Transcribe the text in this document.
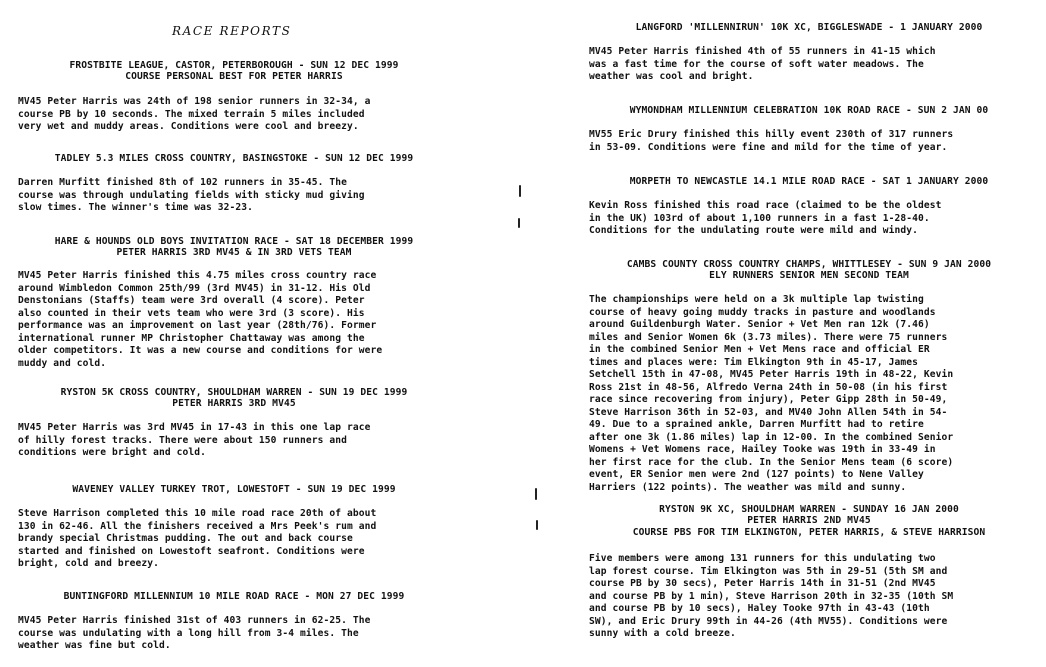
RACE REPORTS
FROSTBITE LEAGUE, CASTOR, PETERBOROUGH - SUN 12 DEC 1999
COURSE PERSONAL BEST FOR PETER HARRIS
MV45 Peter Harris was 24th of 198 senior runners in 32-34, a
course PB by 10 seconds. The mixed terrain 5 miles included
very wet and muddy areas. Conditions were cool and breezy.
TADLEY 5.3 MILES CROSS COUNTRY, BASINGSTOKE - SUN 12 DEC 1999
Darren Murfitt finished 8th of 102 runners in 35-45. The
course was through undulating fields with sticky mud giving
slow times. The winner's time was 32-23.
HARE & HOUNDS OLD BOYS INVITATION RACE - SAT 18 DECEMBER 1999
PETER HARRIS 3RD MV45 & IN 3RD VETS TEAM
MV45 Peter Harris finished this 4.75 miles cross country race
around Wimbledon Common 25th/99 (3rd MV45) in 31-12. His Old
Denstonians (Staffs) team were 3rd overall (4 score). Peter
also counted in their vets team who were 3rd (3 score). His
performance was an improvement on last year (28th/76). Former
international runner MP Christopher Chattaway was among the
older competitors. It was a new course and conditions for were
muddy and cold.
RYSTON 5K CROSS COUNTRY, SHOULDHAM WARREN - SUN 19 DEC 1999
PETER HARRIS 3RD MV45
MV45 Peter Harris was 3rd MV45 in 17-43 in this one lap race
of hilly forest tracks. There were about 150 runners and
conditions were bright and cold.
WAVENEY VALLEY TURKEY TROT, LOWESTOFT - SUN 19 DEC 1999
Steve Harrison completed this 10 mile road race 20th of about
130 in 62-46. All the finishers received a Mrs Peek's rum and
brandy special Christmas pudding. The out and back course
started and finished on Lowestoft seafront. Conditions were
bright, cold and breezy.
BUNTINGFORD MILLENNIUM 10 MILE ROAD RACE - MON 27 DEC 1999
MV45 Peter Harris finished 31st of 403 runners in 62-25. The
course was undulating with a long hill from 3-4 miles. The
weather was fine but cold.
LANGFORD 'MILLENNIRUN' 10K XC, BIGGLESWADE - 1 JANUARY 2000
MV45 Peter Harris finished 4th of 55 runners in 41-15 which
was a fast time for the course of soft water meadows. The
weather was cool and bright.
WYMONDHAM MILLENNIUM CELEBRATION 10K ROAD RACE - SUN 2 JAN 00
MV55 Eric Drury finished this hilly event 230th of 317 runners
in 53-09. Conditions were fine and mild for the time of year.
MORPETH TO NEWCASTLE 14.1 MILE ROAD RACE - SAT 1 JANUARY 2000
Kevin Ross finished this road race (claimed to be the oldest
in the UK) 103rd of about 1,100 runners in a fast 1-28-40.
Conditions for the undulating route were mild and windy.
CAMBS COUNTY CROSS COUNTRY CHAMPS, WHITTLESEY - SUN 9 JAN 2000
ELY RUNNERS SENIOR MEN SECOND TEAM
The championships were held on a 3k multiple lap twisting
course of heavy going muddy tracks in pasture and woodlands
around Guildenburgh Water. Senior + Vet Men ran 12k (7.46)
miles and Senior Women 6k (3.73 miles). There were 75 runners
in the combined Senior Men + Vet Mens race and official ER
times and places were: Tim Elkington 9th in 45-17, James
Setchell 15th in 47-08, MV45 Peter Harris 19th in 48-22, Kevin
Ross 21st in 48-56, Alfredo Verna 24th in 50-08 (in his first
race since recovering from injury), Peter Gipp 28th in 50-49,
Steve Harrison 36th in 52-03, and MV40 John Allen 54th in 54-
49. Due to a sprained ankle, Darren Murfitt had to retire
after one 3k (1.86 miles) lap in 12-00. In the combined Senior
Womens + Vet Womens race, Hailey Tooke was 19th in 33-49 in
her first race for the club. In the Senior Mens team (6 score)
event, ER Senior men were 2nd (127 points) to Nene Valley
Harriers (122 points). The weather was mild and sunny.
RYSTON 9K XC, SHOULDHAM WARREN - SUNDAY 16 JAN 2000
PETER HARRIS 2ND MV45
COURSE PBS FOR TIM ELKINGTON, PETER HARRIS, & STEVE HARRISON
Five members were among 131 runners for this undulating two
lap forest course. Tim Elkington was 5th in 29-51 (5th SM and
course PB by 30 secs), Peter Harris 14th in 31-51 (2nd MV45
and course PB by 1 min), Steve Harrison 20th in 32-35 (10th SM
and course PB by 10 secs), Haley Tooke 97th in 43-43 (10th
SW), and Eric Drury 99th in 44-26 (4th MV55). Conditions were
sunny with a cold breeze.
